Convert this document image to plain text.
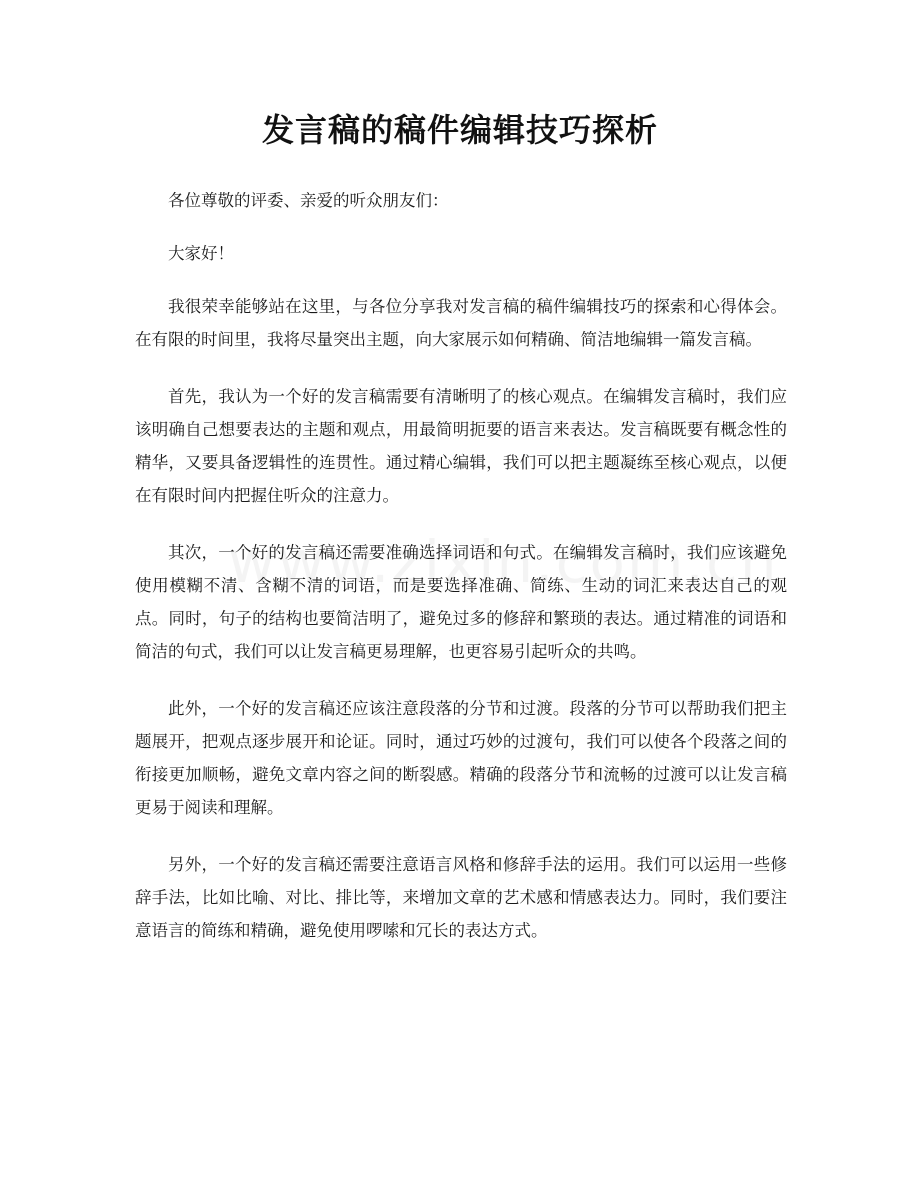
发言稿的稿件编辑技巧探析

各位尊敬的评委、亲爱的听众朋友们：

大家好！

我很荣幸能够站在这里，与各位分享我对发言稿的稿件编辑技巧的探索和心得体会。在有限的时间里，我将尽量突出主题，向大家展示如何精确、简洁地编辑一篇发言稿。

首先，我认为一个好的发言稿需要有清晰明了的核心观点。在编辑发言稿时，我们应该明确自己想要表达的主题和观点，用最简明扼要的语言来表达。发言稿既要有概念性的精华，又要具备逻辑性的连贯性。通过精心编辑，我们可以把主题凝练至核心观点，以便在有限时间内把握住听众的注意力。

其次，一个好的发言稿还需要准确选择词语和句式。在编辑发言稿时，我们应该避免使用模糊不清、含糊不清的词语，而是要选择准确、简练、生动的词汇来表达自己的观点。同时，句子的结构也要简洁明了，避免过多的修辞和繁琐的表达。通过精准的词语和简洁的句式，我们可以让发言稿更易理解，也更容易引起听众的共鸣。

此外，一个好的发言稿还应该注意段落的分节和过渡。段落的分节可以帮助我们把主题展开，把观点逐步展开和论证。同时，通过巧妙的过渡句，我们可以使各个段落之间的衔接更加顺畅，避免文章内容之间的断裂感。精确的段落分节和流畅的过渡可以让发言稿更易于阅读和理解。

另外，一个好的发言稿还需要注意语言风格和修辞手法的运用。我们可以运用一些修辞手法，比如比喻、对比、排比等，来增加文章的艺术感和情感表达力。同时，我们要注意语言的简练和精确，避免使用啰嗦和冗长的表达方式。
